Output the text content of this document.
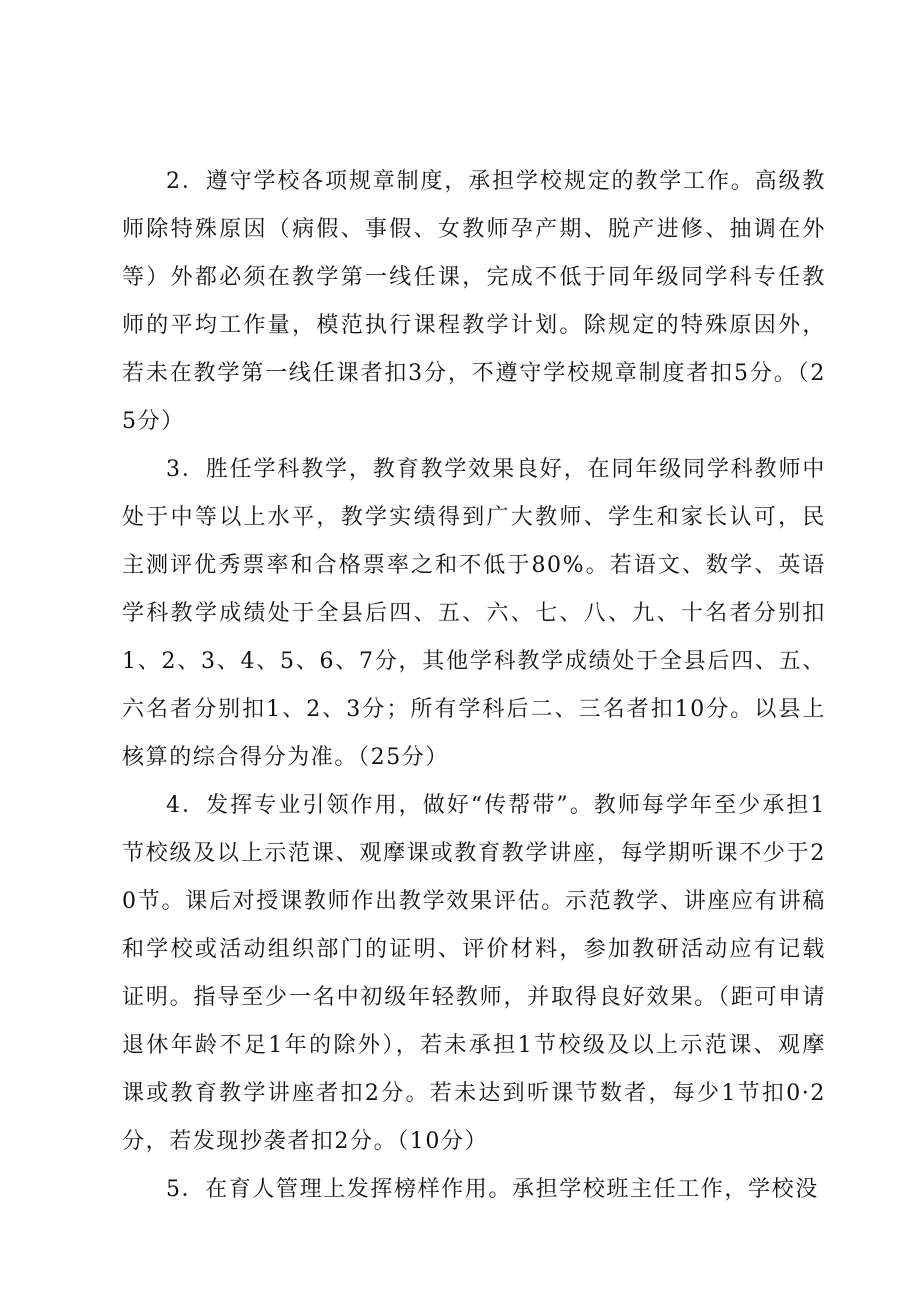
2．遵守学校各项规章制度，承担学校规定的教学工作。高级教师除特殊原因（病假、事假、女教师孕产期、脱产进修、抽调在外等）外都必须在教学第一线任课，完成不低于同年级同学科专任教师的平均工作量，模范执行课程教学计划。除规定的特殊原因外，若未在教学第一线任课者扣3分，不遵守学校规章制度者扣5分。（25分）

3．胜任学科教学，教育教学效果良好，在同年级同学科教师中处于中等以上水平，教学实绩得到广大教师、学生和家长认可，民主测评优秀票率和合格票率之和不低于80%。若语文、数学、英语学科教学成绩处于全县后四、五、六、七、八、九、十名者分别扣1、2、3、4、5、6、7分，其他学科教学成绩处于全县后四、五、六名者分别扣1、2、3分；所有学科后二、三名者扣10分。以县上核算的综合得分为准。（25分）

4．发挥专业引领作用，做好“传帮带”。教师每学年至少承担1节校级及以上示范课、观摩课或教育教学讲座，每学期听课不少于20节。课后对授课教师作出教学效果评估。示范教学、讲座应有讲稿和学校或活动组织部门的证明、评价材料，参加教研活动应有记载证明。指导至少一名中初级年轻教师，并取得良好效果。（距可申请退休年龄不足1年的除外），若未承担1节校级及以上示范课、观摩课或教育教学讲座者扣2分。若未达到听课节数者，每少1节扣0·2分，若发现抄袭者扣2分。（10分）

5．在育人管理上发挥榜样作用。承担学校班主任工作，学校没
